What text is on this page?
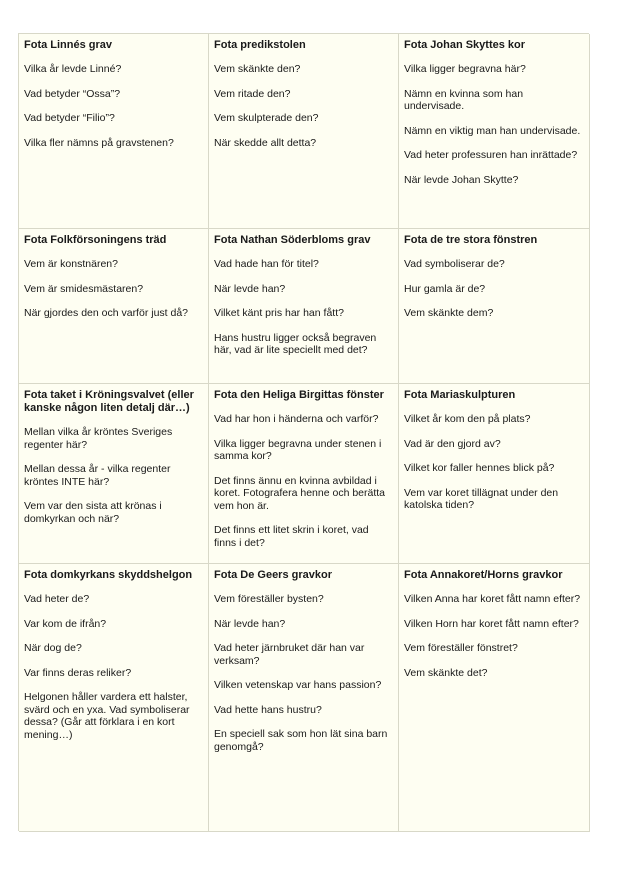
Fota Linnés grav
Vilka år levde Linné?
Vad betyder “Ossa”?
Vad betyder “Filio”?
Vilka fler nämns på gravstenen?
Fota predikstolen
Vem skänkte den?
Vem ritade den?
Vem skulpterade den?
När skedde allt detta?
Fota Johan Skyttes kor
Vilka ligger begravna här?
Nämn en kvinna som han undervisade.
Nämn en viktig man han undervisade.
Vad heter professuren han inrättade?
När levde Johan Skytte?
Fota Folkförsoningens träd
Vem är konstnären?
Vem är smidesmästaren?
När gjordes den och varför just då?
Fota Nathan Söderbloms grav
Vad hade han för titel?
När levde han?
Vilket känt pris har han fått?
Hans hustru ligger också begraven här, vad är lite speciellt med det?
Fota de tre stora fönstren
Vad symboliserar de?
Hur gamla är de?
Vem skänkte dem?
Fota taket i Kröningsvalvet (eller kanske någon liten detalj där…)
Mellan vilka år kröntes Sveriges regenter här?
Mellan dessa år - vilka regenter kröntes INTE här?
Vem var den sista att krönas i domkyrkan och när?
Fota den Heliga Birgittas fönster
Vad har hon i händerna och varför?
Vilka ligger begravna under stenen i samma kor?
Det finns ännu en kvinna avbildad i koret. Fotografera henne och berätta vem hon är.
Det finns ett litet skrin i koret, vad finns i det?
Fota Mariaskulpturen
Vilket år kom den på plats?
Vad är den gjord av?
Vilket kor faller hennes blick på?
Vem var koret tillägnat under den katolska tiden?
Fota domkyrkans skyddshelgon
Vad heter de?
Var kom de ifrån?
När dog de?
Var finns deras reliker?
Helgonen håller vardera ett halster, svärd och en yxa. Vad symboliserar dessa? (Går att förklara i en kort mening…)
Fota De Geers gravkor
Vem föreställer bysten?
När levde han?
Vad heter järnbruket där han var verksam?
Vilken vetenskap var hans passion?
Vad hette hans hustru?
En speciell sak som hon lät sina barn genomgå?
Fota Annakoret/Horns gravkor
Vilken Anna har koret fått namn efter?
Vilken Horn har koret fått namn efter?
Vem föreställer fönstret?
Vem skänkte det?
